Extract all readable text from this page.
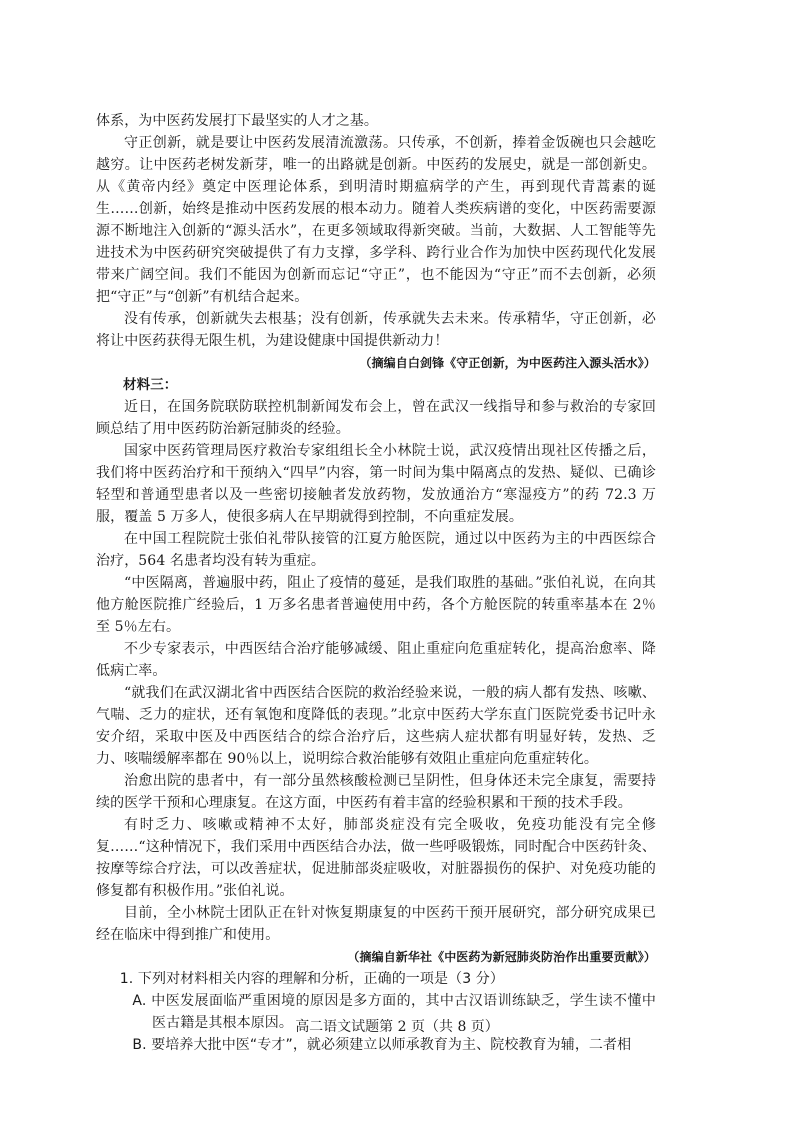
体系，为中医药发展打下最坚实的人才之基。

守正创新，就是要让中医药发展清流激荡。只传承，不创新，捧着金饭碗也只会越吃越穷。让中医药老树发新芽，唯一的出路就是创新。中医药的发展史，就是一部创新史。从《黄帝内经》奠定中医理论体系，到明清时期瘟病学的产生，再到现代青蒿素的诞生……创新，始终是推动中医药发展的根本动力。随着人类疾病谱的变化，中医药需要源源不断地注入创新的“源头活水”，在更多领域取得新突破。当前，大数据、人工智能等先进技术为中医药研究突破提供了有力支撑，多学科、跨行业合作为加快中医药现代化发展带来广阔空间。我们不能因为创新而忘记“守正”，也不能因为“守正”而不去创新，必须把“守正”与“创新”有机结合起来。

没有传承，创新就失去根基；没有创新，传承就失去未来。传承精华，守正创新，必将让中医药获得无限生机，为建设健康中国提供新动力！

（摘编自白剑锋《守正创新，为中医药注入源头活水》）

材料三：

近日，在国务院联防联控机制新闻发布会上，曾在武汉一线指导和参与救治的专家回顾总结了用中医药防治新冠肺炎的经验。

国家中医药管理局医疗救治专家组组长全小林院士说，武汉疫情出现社区传播之后，我们将中医药治疗和干预纳入“四早”内容，第一时间为集中隔离点的发热、疑似、已确诊轻型和普通型患者以及一些密切接触者发放药物，发放通治方“寒湿疫方”的药 72.3 万服，覆盖 5 万多人，使很多病人在早期就得到控制，不向重症发展。

在中国工程院院士张伯礼带队接管的江夏方舱医院，通过以中医药为主的中西医综合治疗，564 名患者均没有转为重症。

“中医隔离，普遍服中药，阻止了疫情的蔓延，是我们取胜的基础。”张伯礼说，在向其他方舱医院推广经验后，1 万多名患者普遍使用中药，各个方舱医院的转重率基本在 2％至 5％左右。

不少专家表示，中西医结合治疗能够减缓、阻止重症向危重症转化，提高治愈率、降低病亡率。

“就我们在武汉湖北省中西医结合医院的救治经验来说，一般的病人都有发热、咳嗽、气喘、乏力的症状，还有氧饱和度降低的表现。”北京中医药大学东直门医院党委书记叶永安介绍，采取中医及中西医结合的综合治疗后，这些病人症状都有明显好转，发热、乏力、咳喘缓解率都在 90％以上，说明综合救治能够有效阻止重症向危重症转化。

治愈出院的患者中，有一部分虽然核酸检测已呈阴性，但身体还未完全康复，需要持续的医学干预和心理康复。在这方面，中医药有着丰富的经验积累和干预的技术手段。

有时乏力、咳嗽或精神不太好，肺部炎症没有完全吸收，免疫功能没有完全修复……“这种情况下，我们采用中西医结合办法，做一些呼吸锻炼，同时配合中医药针灸、按摩等综合疗法，可以改善症状，促进肺部炎症吸收，对脏器损伤的保护、对免疫功能的修复都有积极作用。”张伯礼说。

目前，全小林院士团队正在针对恢复期康复的中医药干预开展研究，部分研究成果已经在临床中得到推广和使用。

（摘编自新华社《中医药为新冠肺炎防治作出重要贡献》）

1. 下列对材料相关内容的理解和分析，正确的一项是（3 分）

A. 中医发展面临严重困境的原因是多方面的，其中古汉语训练缺乏，学生读不懂中医古籍是其根本原因。

B. 要培养大批中医“专才”，就必须建立以师承教育为主、院校教育为辅，二者相

高二语文试题第 2 页（共 8 页）
